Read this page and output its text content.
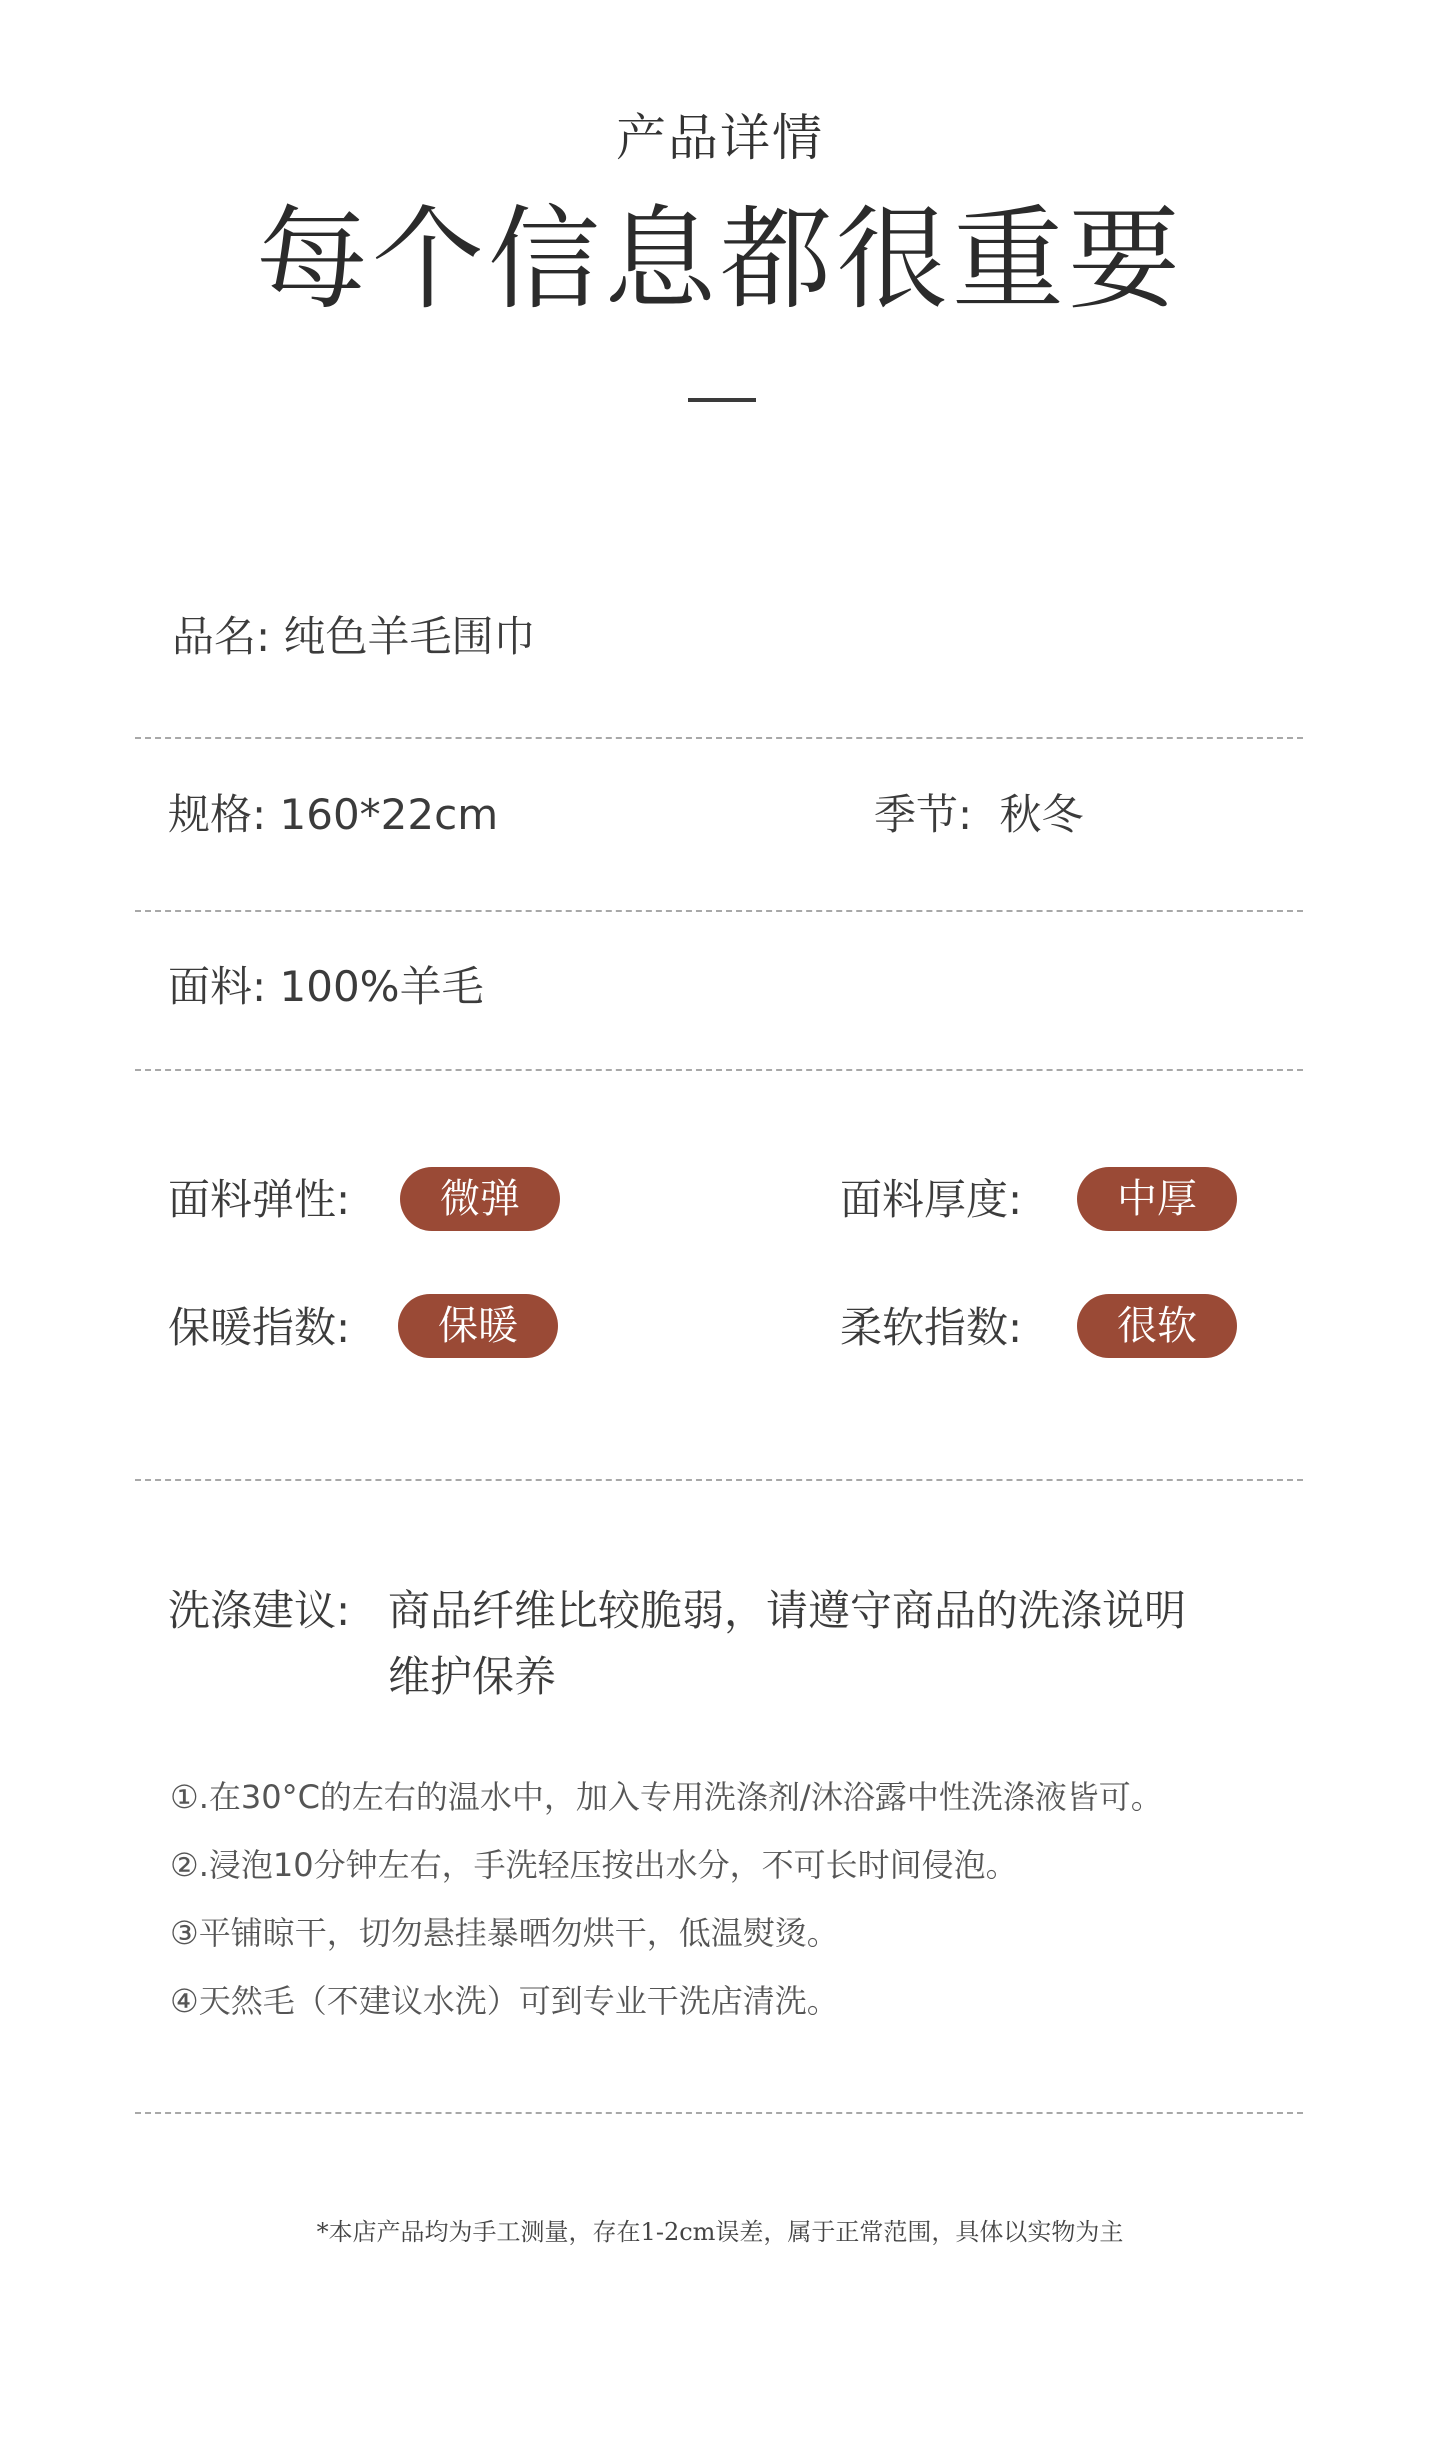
产品详情
每个信息都很重要
品名: 纯色羊毛围巾
规格: 160*22cm	季节: 秋冬
面料: 100%羊毛
面料弹性:	微弹	面料厚度:	中厚
保暖指数:	保暖	柔软指数:	很软
洗涤建议: 商品纤维比较脆弱，请遵守商品的洗涤说明
维护保养
①.在30°C的左右的温水中，加入专用洗涤剂/沐浴露中性洗涤液皆可。
②.浸泡10分钟左右，手洗轻压按出水分，不可长时间侵泡。
③平铺晾干，切勿悬挂暴晒勿烘干，低温熨烫。
④天然毛（不建议水洗）可到专业干洗店清洗。
*本店产品均为手工测量，存在1-2cm误差，属于正常范围，具体以实物为主
